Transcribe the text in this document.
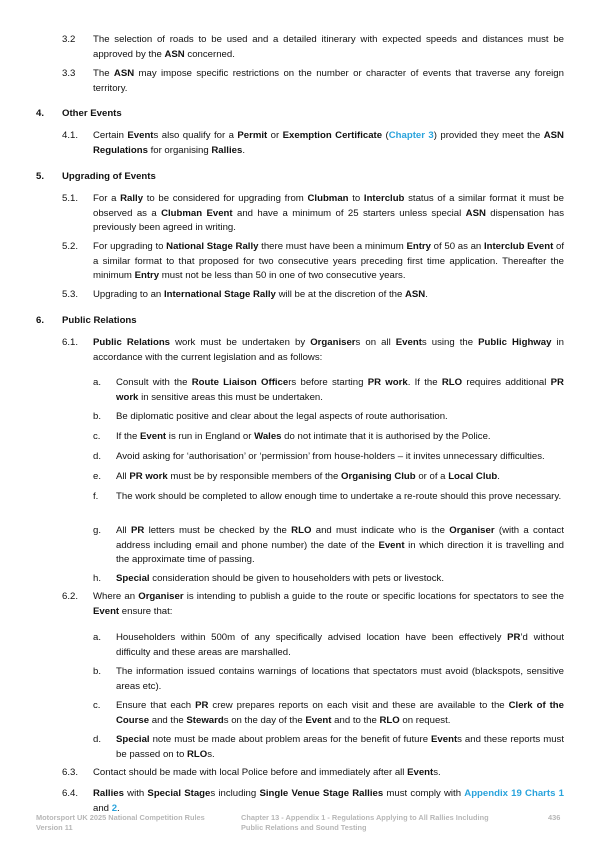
3.2 The selection of roads to be used and a detailed itinerary with expected speeds and distances must be approved by the ASN concerned.
3.3 The ASN may impose specific restrictions on the number or character of events that traverse any foreign territory.
4. Other Events
4.1. Certain Events also qualify for a Permit or Exemption Certificate (Chapter 3) provided they meet the ASN Regulations for organising Rallies.
5. Upgrading of Events
5.1. For a Rally to be considered for upgrading from Clubman to Interclub status of a similar format it must be observed as a Clubman Event and have a minimum of 25 starters unless special ASN dispensation has previously been agreed in writing.
5.2. For upgrading to National Stage Rally there must have been a minimum Entry of 50 as an Interclub Event of a similar format to that proposed for two consecutive years preceding first time application. Thereafter the minimum Entry must not be less than 50 in one of two consecutive years.
5.3. Upgrading to an International Stage Rally will be at the discretion of the ASN.
6. Public Relations
6.1. Public Relations work must be undertaken by Organisers on all Events using the Public Highway in accordance with the current legislation and as follows:
a. Consult with the Route Liaison Officers before starting PR work. If the RLO requires additional PR work in sensitive areas this must be undertaken.
b. Be diplomatic positive and clear about the legal aspects of route authorisation.
c. If the Event is run in England or Wales do not intimate that it is authorised by the Police.
d. Avoid asking for ‘authorisation’ or ‘permission’ from house-holders – it invites unnecessary difficulties.
e. All PR work must be by responsible members of the Organising Club or of a Local Club.
f. The work should be completed to allow enough time to undertake a re-route should this prove necessary.
g. All PR letters must be checked by the RLO and must indicate who is the Organiser (with a contact address including email and phone number) the date of the Event in which direction it is travelling and the approximate time of passing.
h. Special consideration should be given to householders with pets or livestock.
6.2. Where an Organiser is intending to publish a guide to the route or specific locations for spectators to see the Event ensure that:
a. Householders within 500m of any specifically advised location have been effectively PR’d without difficulty and these areas are marshalled.
b. The information issued contains warnings of locations that spectators must avoid (blackspots, sensitive areas etc).
c. Ensure that each PR crew prepares reports on each visit and these are available to the Clerk of the Course and the Stewards on the day of the Event and to the RLO on request.
d. Special note must be made about problem areas for the benefit of future Events and these reports must be passed on to RLOs.
6.3. Contact should be made with local Police before and immediately after all Events.
6.4. Rallies with Special Stages including Single Venue Stage Rallies must comply with Appendix 19 Charts 1 and 2.
Motorsport UK 2025 National Competition Rules
Version 11
Chapter 13 - Appendix 1 - Regulations Applying to All Rallies Including
Public Relations and Sound Testing
436
